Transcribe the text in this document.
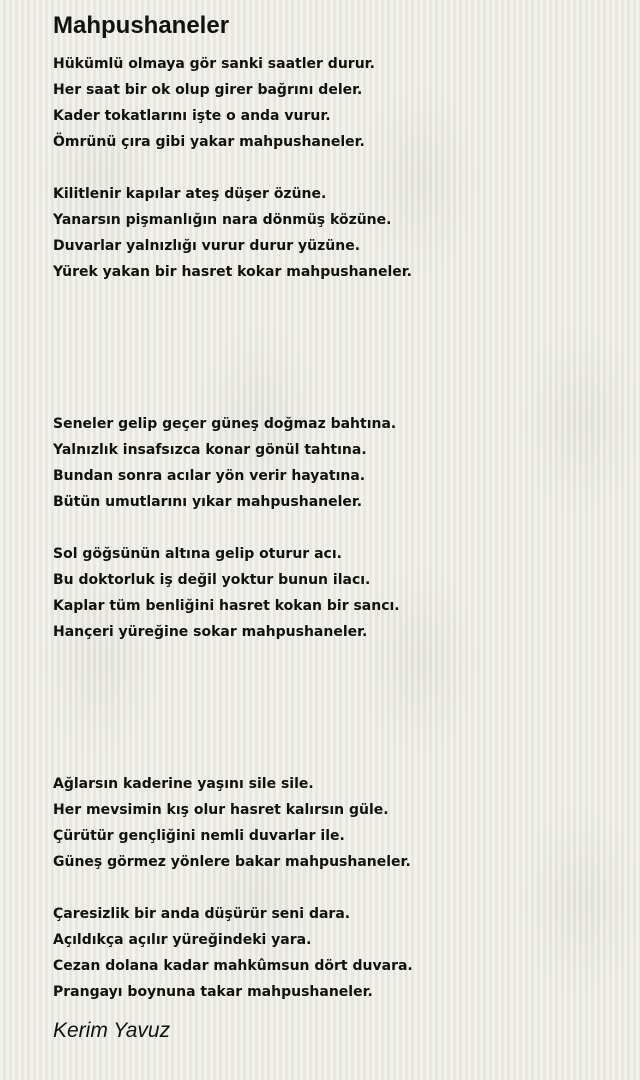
Mahpushaneler
Hükümlü olmaya gör sanki saatler durur.
Her saat bir ok olup girer bağrını deler.
Kader tokatlarını işte o anda vurur.
Ömrünü çıra gibi yakar mahpushaneler.
Kilitlenir kapılar ateş düşer özüne.
Yanarsın pişmanlığın nara dönmüş közüne.
Duvarlar yalnızlığı vurur durur yüzüne.
Yürek yakan bir hasret kokar mahpushaneler.
Seneler gelip geçer güneş doğmaz bahtına.
Yalnızlık insafsızca konar gönül tahtına.
Bundan sonra acılar yön verir hayatına.
Bütün umutlarını yıkar mahpushaneler.
Sol göğsünün altına gelip oturur acı.
Bu doktorluk iş değil yoktur bunun ilacı.
Kaplar tüm benliğini hasret kokan bir sancı.
Hançeri yüreğine sokar mahpushaneler.
Ağlarsın kaderine yaşını sile sile.
Her mevsimin kış olur hasret kalırsın güle.
Çürütür gençliğini nemli duvarlar ile.
Güneş görmez yönlere bakar mahpushaneler.
Çaresizlik bir anda düşürür seni dara.
Açıldıkça açılır yüreğindeki yara.
Cezan dolana kadar mahkûmsun dört duvara.
Prangayı boynuna takar mahpushaneler.
Kerim Yavuz
